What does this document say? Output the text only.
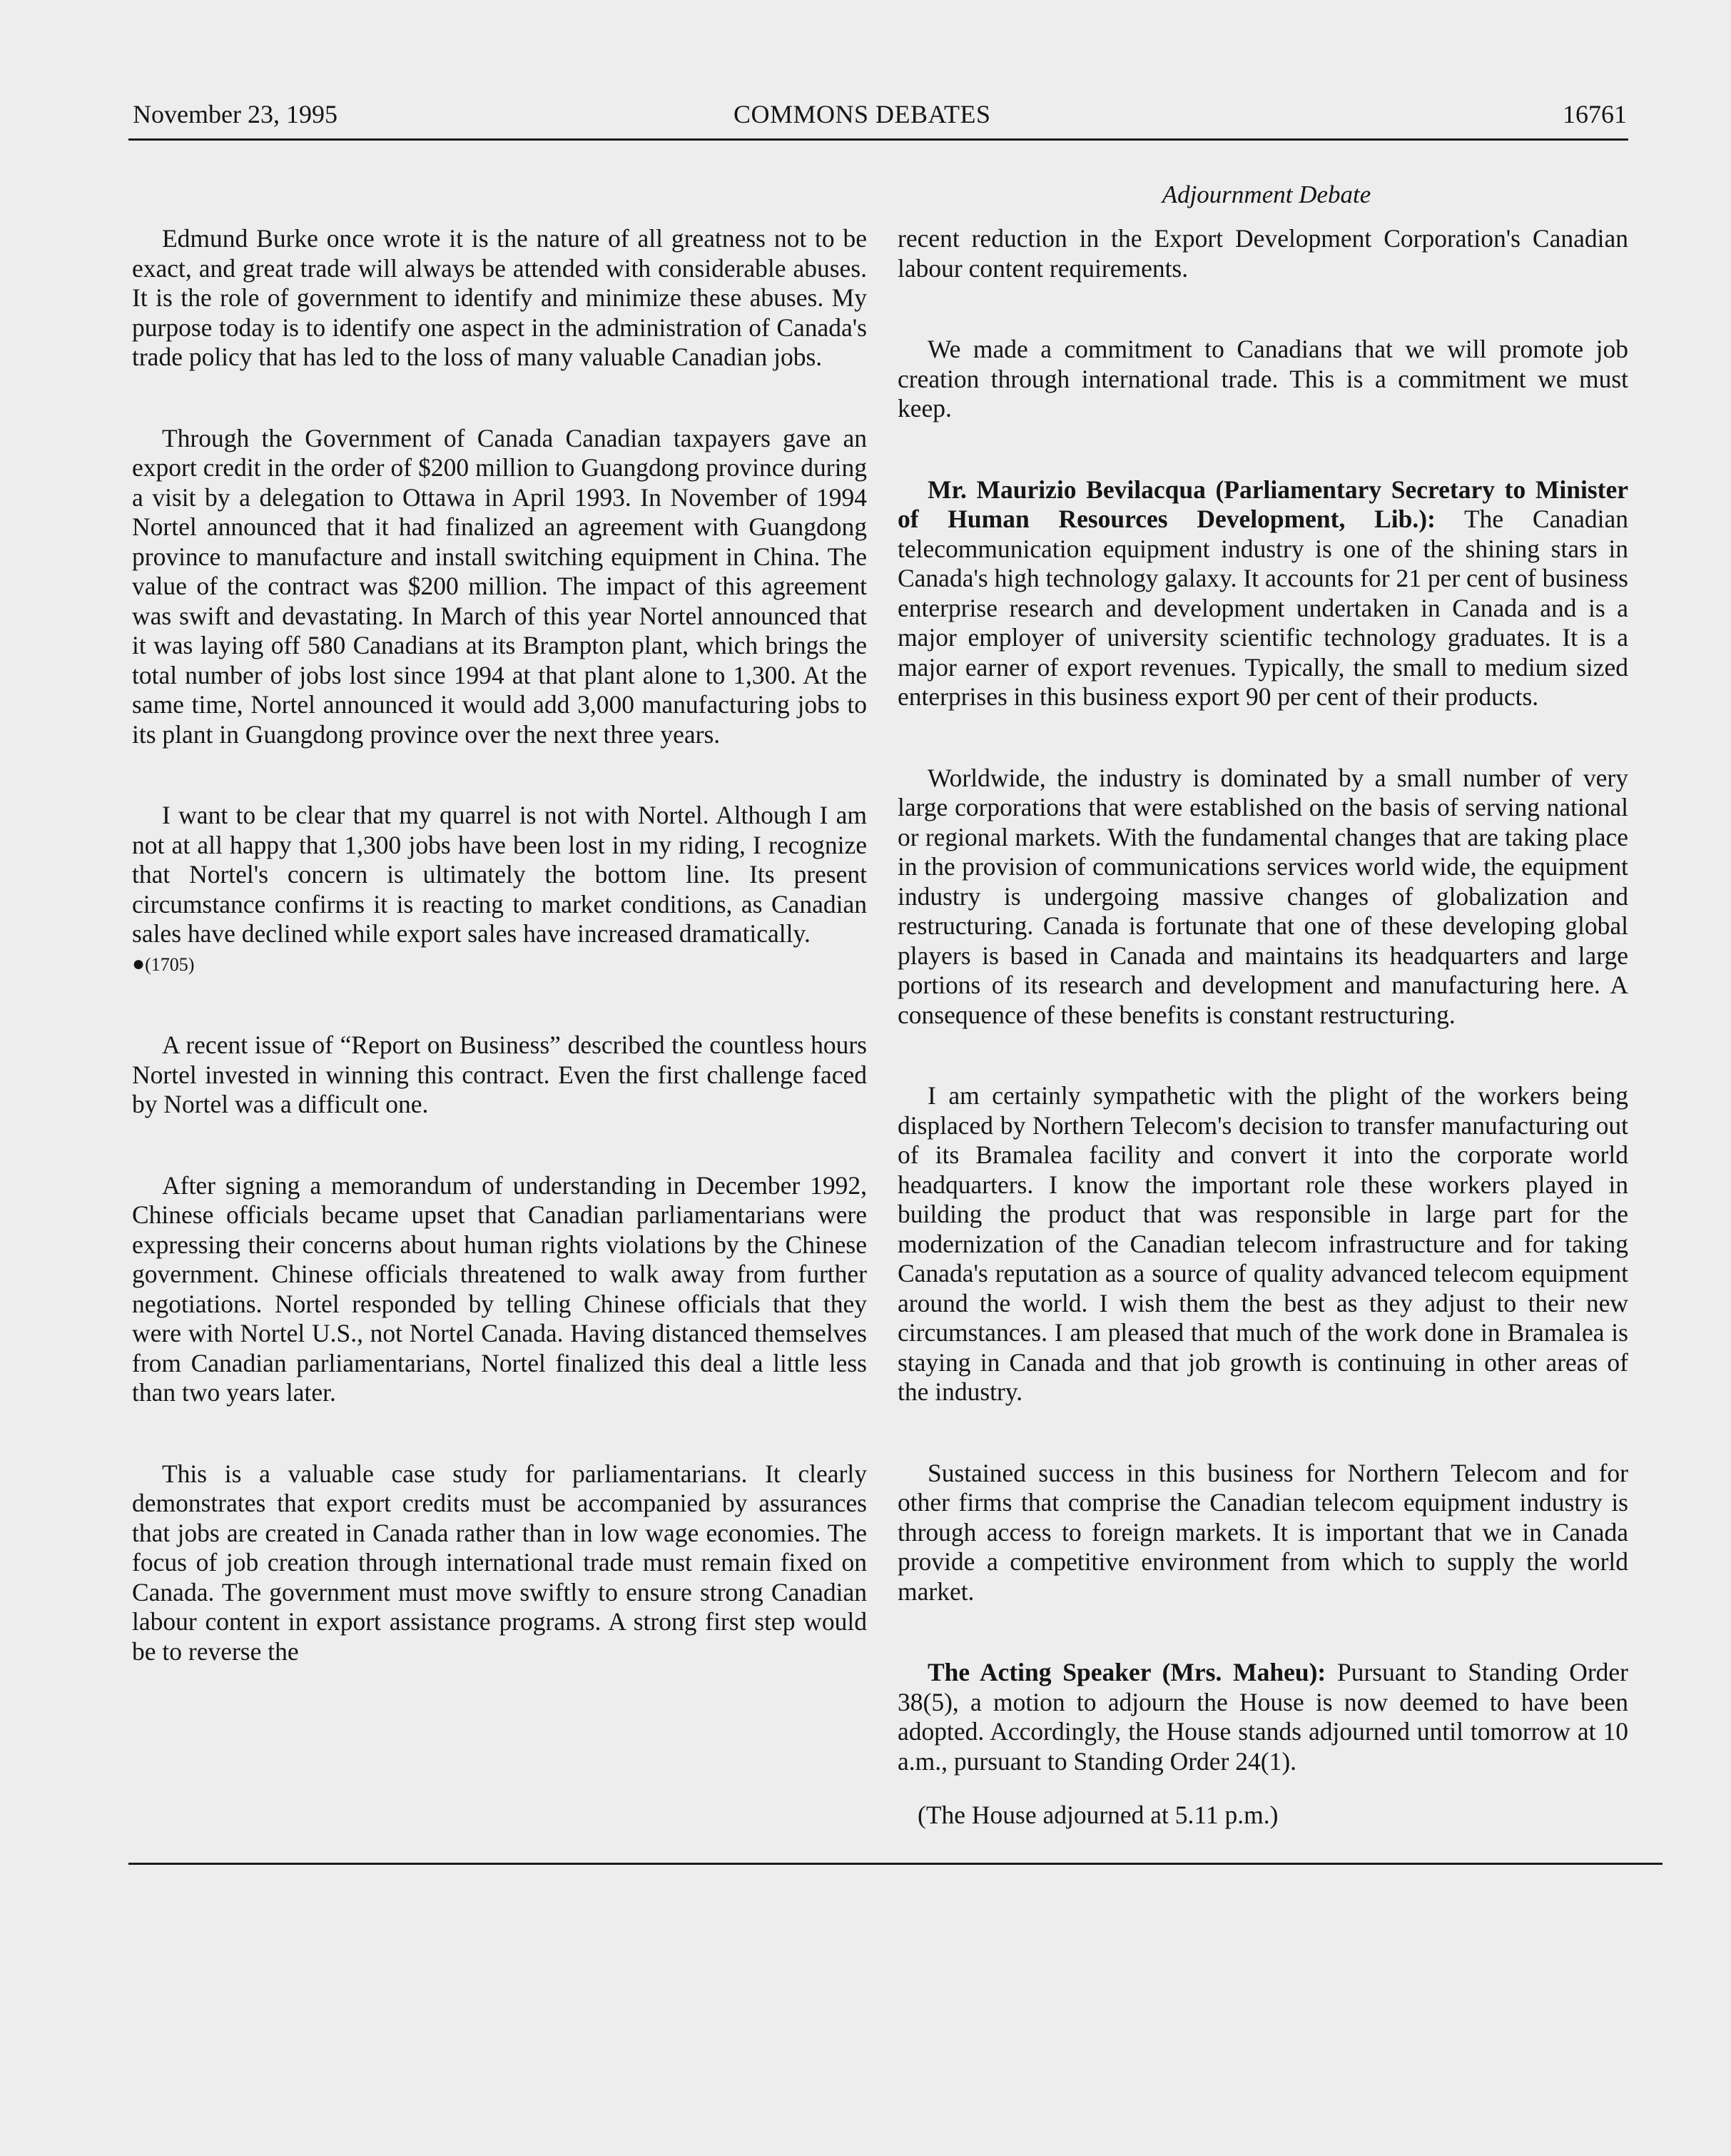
November 23, 1995	COMMONS DEBATES	16761
Adjournment Debate

Edmund Burke once wrote it is the nature of all greatness not to be exact, and great trade will always be attended with considerable abuses. It is the role of government to identify and minimize these abuses. My purpose today is to identify one aspect in the administration of Canada's trade policy that has led to the loss of many valuable Canadian jobs.

Through the Government of Canada Canadian taxpayers gave an export credit in the order of $200 million to Guangdong province during a visit by a delegation to Ottawa in April 1993. In November of 1994 Nortel announced that it had finalized an agreement with Guangdong province to manufacture and install switching equipment in China. The value of the contract was $200 million. The impact of this agreement was swift and devastating. In March of this year Nortel announced that it was laying off 580 Canadians at its Brampton plant, which brings the total number of jobs lost since 1994 at that plant alone to 1,300. At the same time, Nortel announced it would add 3,000 manufacturing jobs to its plant in Guangdong province over the next three years.

I want to be clear that my quarrel is not with Nortel. Although I am not at all happy that 1,300 jobs have been lost in my riding, I recognize that Nortel's concern is ultimately the bottom line. Its present circumstance confirms it is reacting to market conditions, as Canadian sales have declined while export sales have increased dramatically.

●(1705)

A recent issue of “Report on Business” described the countless hours Nortel invested in winning this contract. Even the first challenge faced by Nortel was a difficult one.

After signing a memorandum of understanding in December 1992, Chinese officials became upset that Canadian parliamentarians were expressing their concerns about human rights violations by the Chinese government. Chinese officials threatened to walk away from further negotiations. Nortel responded by telling Chinese officials that they were with Nortel U.S., not Nortel Canada. Having distanced themselves from Canadian parliamentarians, Nortel finalized this deal a little less than two years later.

This is a valuable case study for parliamentarians. It clearly demonstrates that export credits must be accompanied by assurances that jobs are created in Canada rather than in low wage economies. The focus of job creation through international trade must remain fixed on Canada. The government must move swiftly to ensure strong Canadian labour content in export assistance programs. A strong first step would be to reverse the

recent reduction in the Export Development Corporation's Canadian labour content requirements.

We made a commitment to Canadians that we will promote job creation through international trade. This is a commitment we must keep.

Mr. Maurizio Bevilacqua (Parliamentary Secretary to Minister of Human Resources Development, Lib.): The Canadian telecommunication equipment industry is one of the shining stars in Canada's high technology galaxy. It accounts for 21 per cent of business enterprise research and development undertaken in Canada and is a major employer of university scientific technology graduates. It is a major earner of export revenues. Typically, the small to medium sized enterprises in this business export 90 per cent of their products.

Worldwide, the industry is dominated by a small number of very large corporations that were established on the basis of serving national or regional markets. With the fundamental changes that are taking place in the provision of communications services world wide, the equipment industry is undergoing massive changes of globalization and restructuring. Canada is fortunate that one of these developing global players is based in Canada and maintains its headquarters and large portions of its research and development and manufacturing here. A consequence of these benefits is constant restructuring.

I am certainly sympathetic with the plight of the workers being displaced by Northern Telecom's decision to transfer manufacturing out of its Bramalea facility and convert it into the corporate world headquarters. I know the important role these workers played in building the product that was responsible in large part for the modernization of the Canadian telecom infrastructure and for taking Canada's reputation as a source of quality advanced telecom equipment around the world. I wish them the best as they adjust to their new circumstances. I am pleased that much of the work done in Bramalea is staying in Canada and that job growth is continuing in other areas of the industry.

Sustained success in this business for Northern Telecom and for other firms that comprise the Canadian telecom equipment industry is through access to foreign markets. It is important that we in Canada provide a competitive environment from which to supply the world market.

The Acting Speaker (Mrs. Maheu): Pursuant to Standing Order 38(5), a motion to adjourn the House is now deemed to have been adopted. Accordingly, the House stands adjourned until tomorrow at 10 a.m., pursuant to Standing Order 24(1).

(The House adjourned at 5.11 p.m.)
